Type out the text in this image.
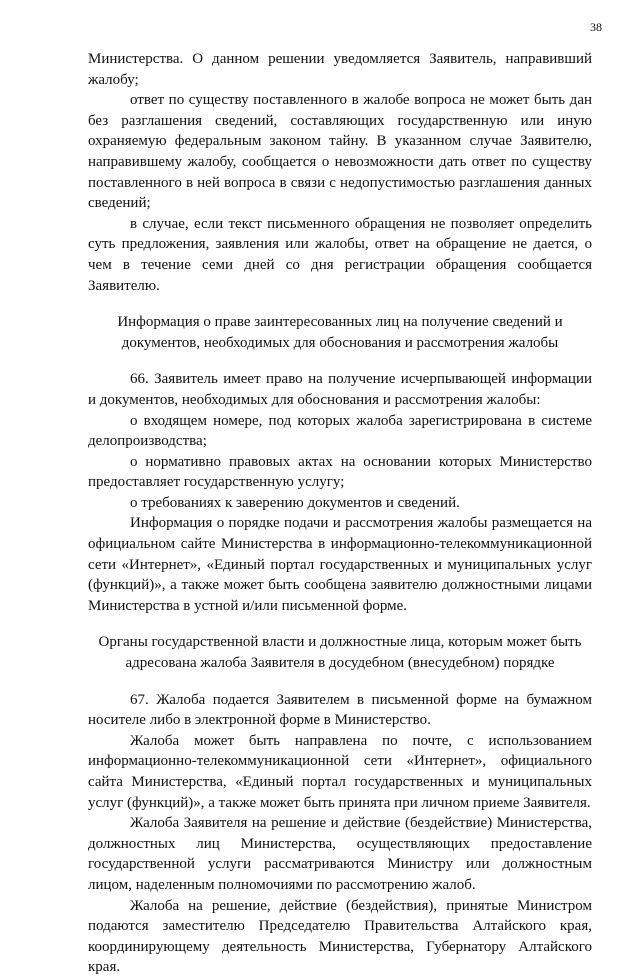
38

Министерства. О данном решении уведомляется Заявитель, направивший жалобу;

ответ по существу поставленного в жалобе вопроса не может быть дан без разглашения сведений, составляющих государственную или иную охраняемую федеральным законом тайну. В указанном случае Заявителю, направившему жалобу, сообщается о невозможности дать ответ по существу поставленного в ней вопроса в связи с недопустимостью разглашения данных сведений;

в случае, если текст письменного обращения не позволяет определить суть предложения, заявления или жалобы, ответ на обращение не дается, о чем в течение семи дней со дня регистрации обращения сообщается Заявителю.

Информация о праве заинтересованных лиц на получение сведений и документов, необходимых для обоснования и рассмотрения жалобы

66. Заявитель имеет право на получение исчерпывающей информации и документов, необходимых для обоснования и рассмотрения жалобы:

о входящем номере, под которых жалоба зарегистрирована в системе делопроизводства;

о нормативно правовых актах на основании которых Министерство предоставляет государственную услугу;

о требованиях к заверению документов и сведений.

Информация о порядке подачи и рассмотрения жалобы размещается на официальном сайте Министерства в информационно-телекоммуникационной сети «Интернет», «Единый портал государственных и муниципальных услуг (функций)», а также может быть сообщена заявителю должностными лицами Министерства в устной и/или письменной форме.

Органы государственной власти и должностные лица, которым может быть адресована жалоба Заявителя в досудебном (внесудебном) порядке

67. Жалоба подается Заявителем в письменной форме на бумажном носителе либо в электронной форме в Министерство.

Жалоба может быть направлена по почте, с использованием информационно-телекоммуникационной сети «Интернет», официального сайта Министерства, «Единый портал государственных и муниципальных услуг (функций)», а также может быть принята при личном приеме Заявителя.

Жалоба Заявителя на решение и действие (бездействие) Министерства, должностных лиц Министерства, осуществляющих предоставление государственной услуги рассматриваются Министру или должностным лицом, наделенным полномочиями по рассмотрению жалоб.

Жалоба на решение, действие (бездействия), принятые Министром подаются заместителю Председателю Правительства Алтайского края, координирующему деятельность Министерства, Губернатору Алтайского края.
